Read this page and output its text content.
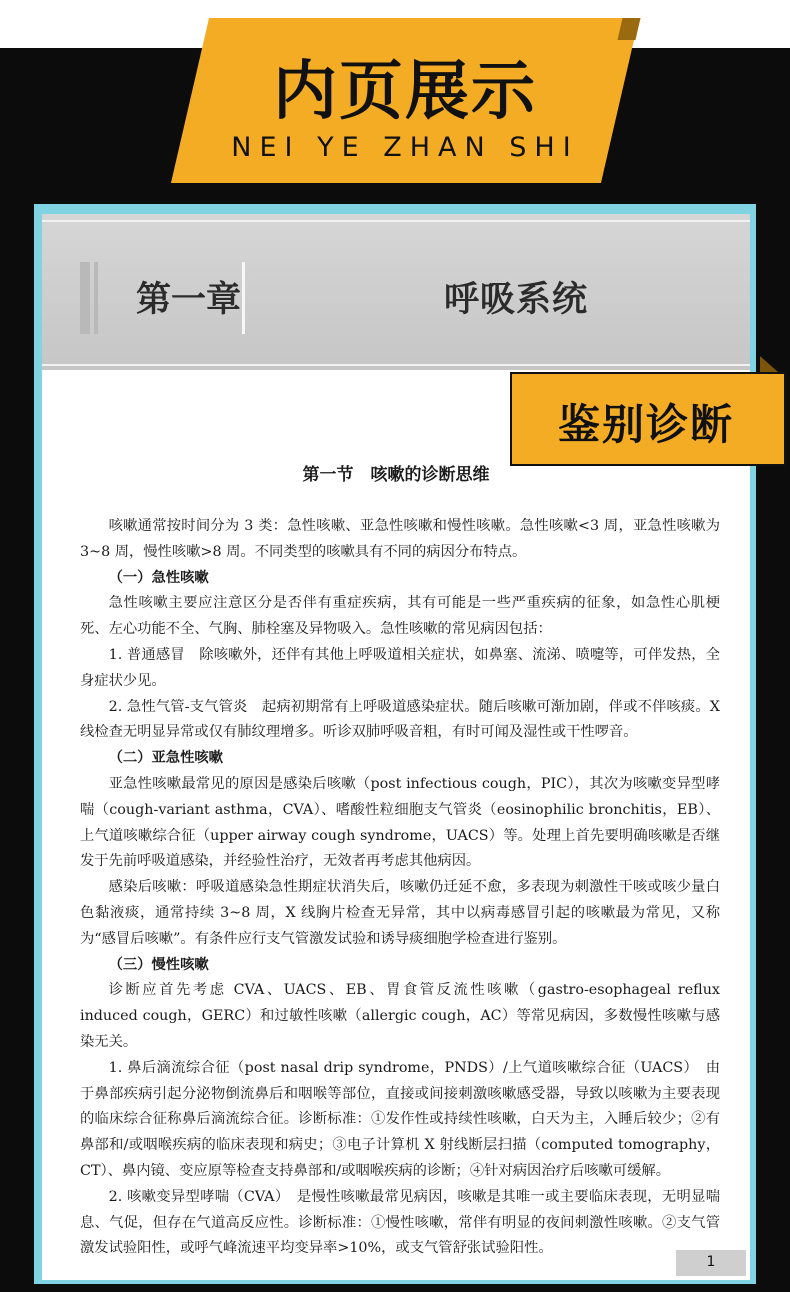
内页展示
NEI YE ZHAN SHI
第一章	呼吸系统
第一节　咳嗽的诊断思维

咳嗽通常按时间分为 3 类：急性咳嗽、亚急性咳嗽和慢性咳嗽。急性咳嗽<3 周，亚急性咳嗽为 3~8 周，慢性咳嗽>8 周。不同类型的咳嗽具有不同的病因分布特点。

（一）急性咳嗽

急性咳嗽主要应注意区分是否伴有重症疾病，其有可能是一些严重疾病的征象，如急性心肌梗死、左心功能不全、气胸、肺栓塞及异物吸入。急性咳嗽的常见病因包括：

1. 普通感冒　除咳嗽外，还伴有其他上呼吸道相关症状，如鼻塞、流涕、喷嚏等，可伴发热，全身症状少见。

2. 急性气管-支气管炎　起病初期常有上呼吸道感染症状。随后咳嗽可渐加剧，伴或不伴咳痰。X 线检查无明显异常或仅有肺纹理增多。听诊双肺呼吸音粗，有时可闻及湿性或干性啰音。

（二）亚急性咳嗽

亚急性咳嗽最常见的原因是感染后咳嗽（post infectious cough，PIC），其次为咳嗽变异型哮喘（cough-variant asthma，CVA）、嗜酸性粒细胞支气管炎（eosinophilic bronchitis，EB）、上气道咳嗽综合征（upper airway cough syndrome，UACS）等。处理上首先要明确咳嗽是否继发于先前呼吸道感染，并经验性治疗，无效者再考虑其他病因。

感染后咳嗽：呼吸道感染急性期症状消失后，咳嗽仍迁延不愈，多表现为刺激性干咳或咳少量白色黏液痰，通常持续 3~8 周，X 线胸片检查无异常，其中以病毒感冒引起的咳嗽最为常见，又称为“感冒后咳嗽”。有条件应行支气管激发试验和诱导痰细胞学检查进行鉴别。

（三）慢性咳嗽

诊断应首先考虑 CVA、UACS、EB、胃食管反流性咳嗽（gastro-esophageal reflux induced cough，GERC）和过敏性咳嗽（allergic cough，AC）等常见病因，多数慢性咳嗽与感染无关。

1. 鼻后滴流综合征（post nasal drip syndrome，PNDS）/上气道咳嗽综合征（UACS）　由于鼻部疾病引起分泌物倒流鼻后和咽喉等部位，直接或间接刺激咳嗽感受器，导致以咳嗽为主要表现的临床综合征称鼻后滴流综合征。诊断标准：①发作性或持续性咳嗽，白天为主，入睡后较少；②有鼻部和/或咽喉疾病的临床表现和病史；③电子计算机 X 射线断层扫描（computed tomography，CT）、鼻内镜、变应原等检查支持鼻部和/或咽喉疾病的诊断；④针对病因治疗后咳嗽可缓解。

2. 咳嗽变异型哮喘（CVA）　是慢性咳嗽最常见病因，咳嗽是其唯一或主要临床表现，无明显喘息、气促，但存在气道高反应性。诊断标准：①慢性咳嗽，常伴有明显的夜间刺激性咳嗽。②支气管激发试验阳性，或呼气峰流速平均变异率>10%，或支气管舒张试验阳性。

1
鉴别诊断
